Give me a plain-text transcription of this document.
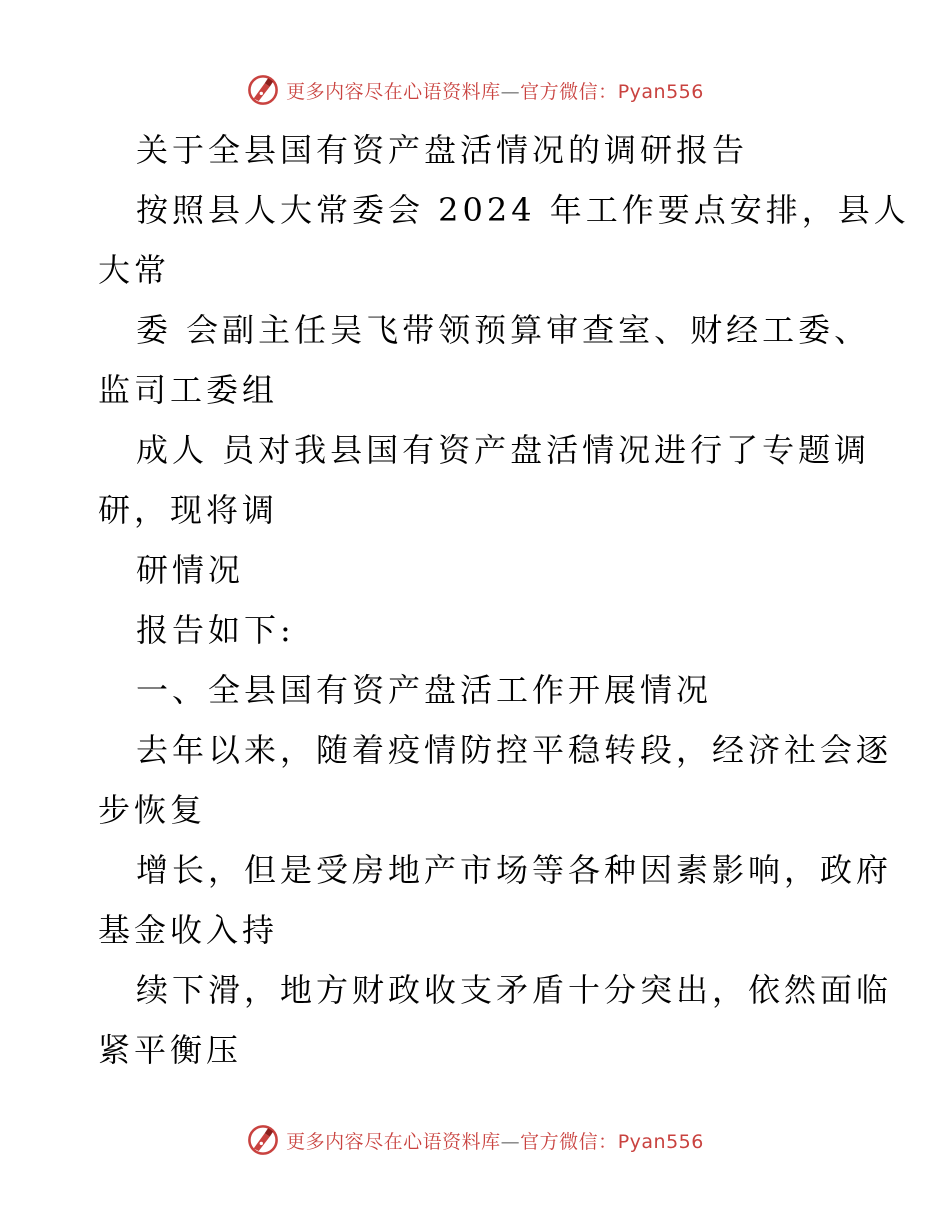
更多内容尽在心语资料库—官方微信：Pyan556

关于全县国有资产盘活情况的调研报告

按照县人大常委会 2024 年工作要点安排，县人

大常

委 会副主任吴飞带领预算审查室、财经工委、

监司工委组

成人 员对我县国有资产盘活情况进行了专题调

研，现将调

研情况

报告如下:

一、全县国有资产盘活工作开展情况

去年以来，随着疫情防控平稳转段，经济社会逐

步恢复

增长，但是受房地产市场等各种因素影响，政府

基金收入持

续下滑，地方财政收支矛盾十分突出，依然面临

紧平衡压

更多内容尽在心语资料库—官方微信：Pyan556
